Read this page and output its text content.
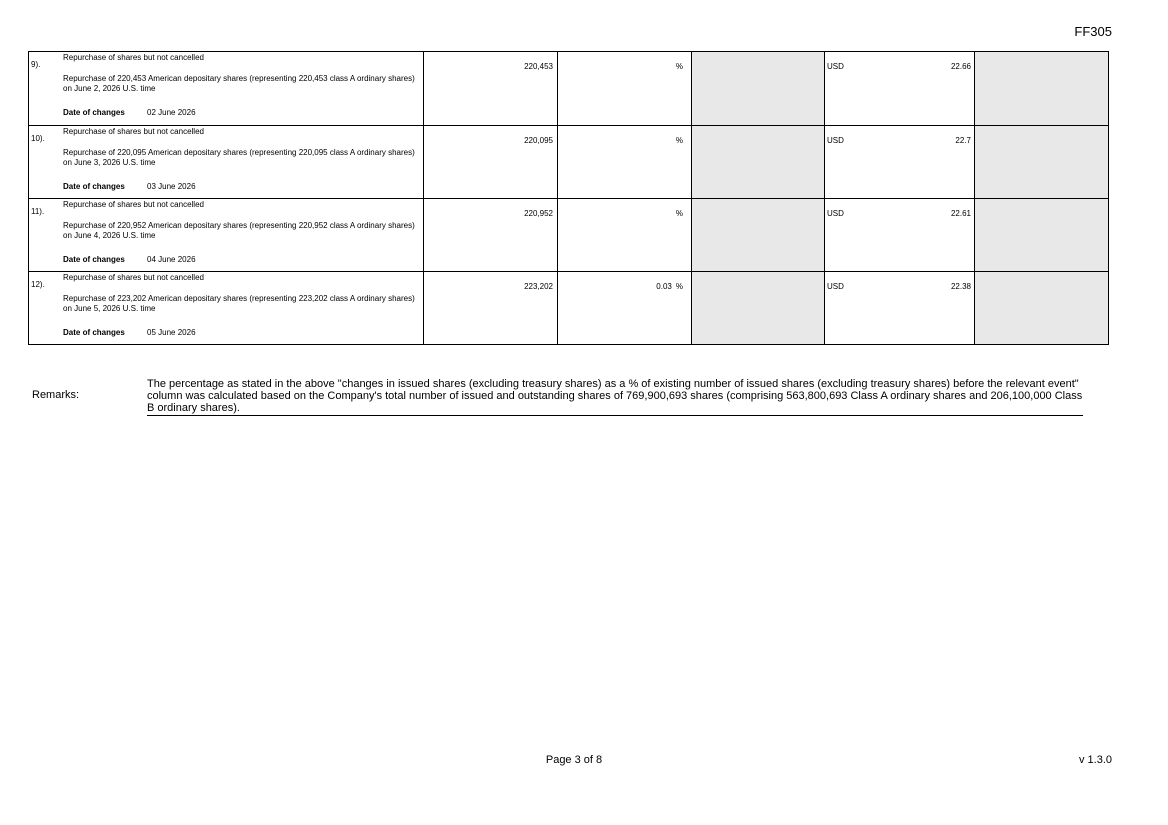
FF305
9).
Repurchase of shares but not cancelled
Repurchase of 220,453 American depositary shares (representing 220,453 class A ordinary shares) on June 2, 2026 U.S. time
Date of changes	02 June 2026
220,453	%	USD	22.66
10).
Repurchase of shares but not cancelled
Repurchase of 220,095 American depositary shares (representing 220,095 class A ordinary shares) on June 3, 2026 U.S. time
Date of changes	03 June 2026
220,095	%	USD	22.7
11).
Repurchase of shares but not cancelled
Repurchase of 220,952 American depositary shares (representing 220,952 class A ordinary shares) on June 4, 2026 U.S. time
Date of changes	04 June 2026
220,952	%	USD	22.61
12).
Repurchase of shares but not cancelled
Repurchase of 223,202 American depositary shares (representing 223,202 class A ordinary shares) on June 5, 2026 U.S. time
Date of changes	05 June 2026
223,202	0.03 %	USD	22.38
Remarks:
The percentage as stated in the above "changes in issued shares (excluding treasury shares) as a % of existing number of issued shares (excluding treasury shares) before the relevant event" column was calculated based on the Company's total number of issued and outstanding shares of 769,900,693 shares (comprising 563,800,693 Class A ordinary shares and 206,100,000 Class B ordinary shares).
Page 3 of 8	v 1.3.0
